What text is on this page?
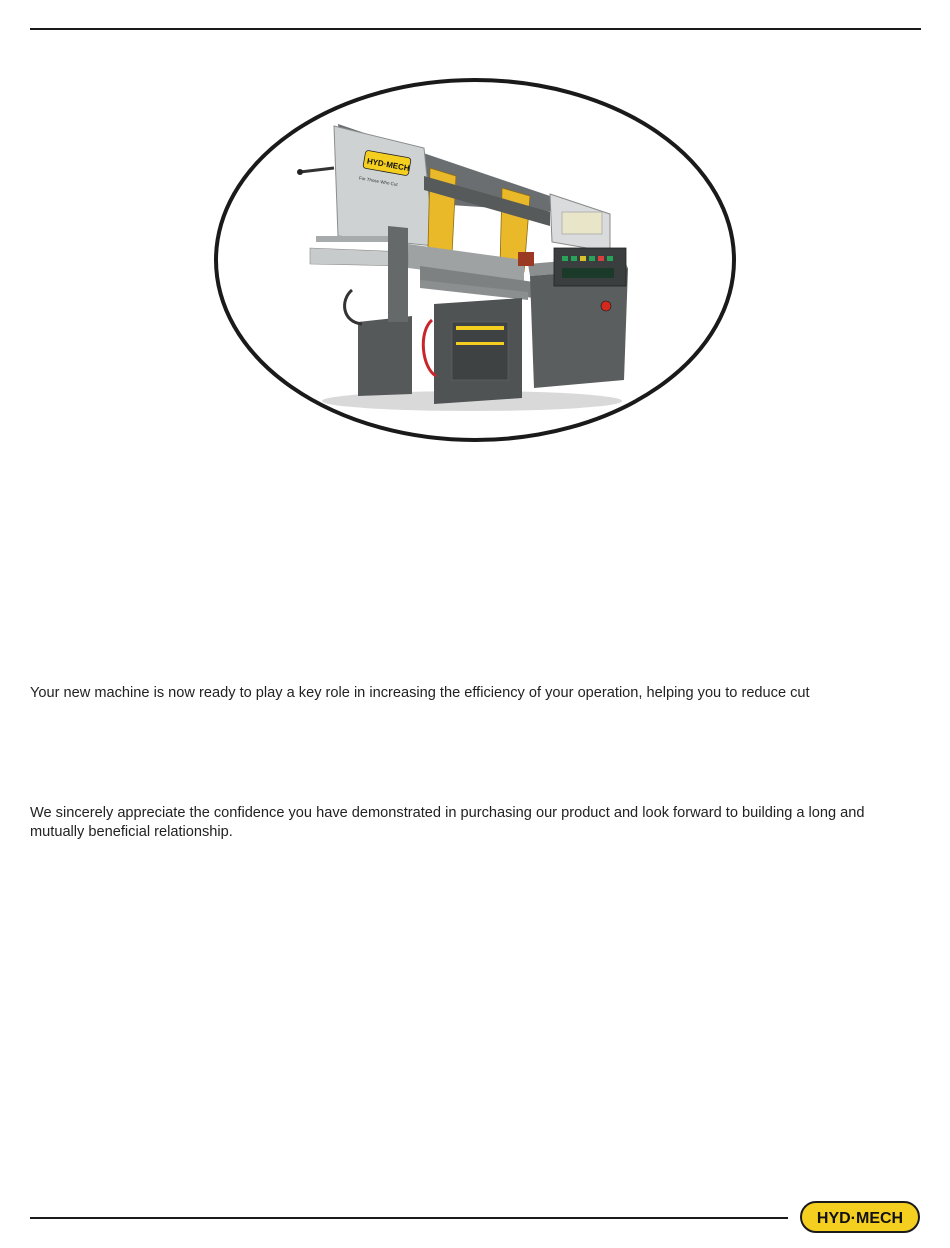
HYD·MECH
For Those Who Cut

Your new machine is now ready to play a key role in increasing the efficiency of your operation, helping you to reduce cut

We sincerely appreciate the confidence you have demonstrated in purchasing our product and look forward to building a long and mutually beneficial relationship.

HYD·MECH
